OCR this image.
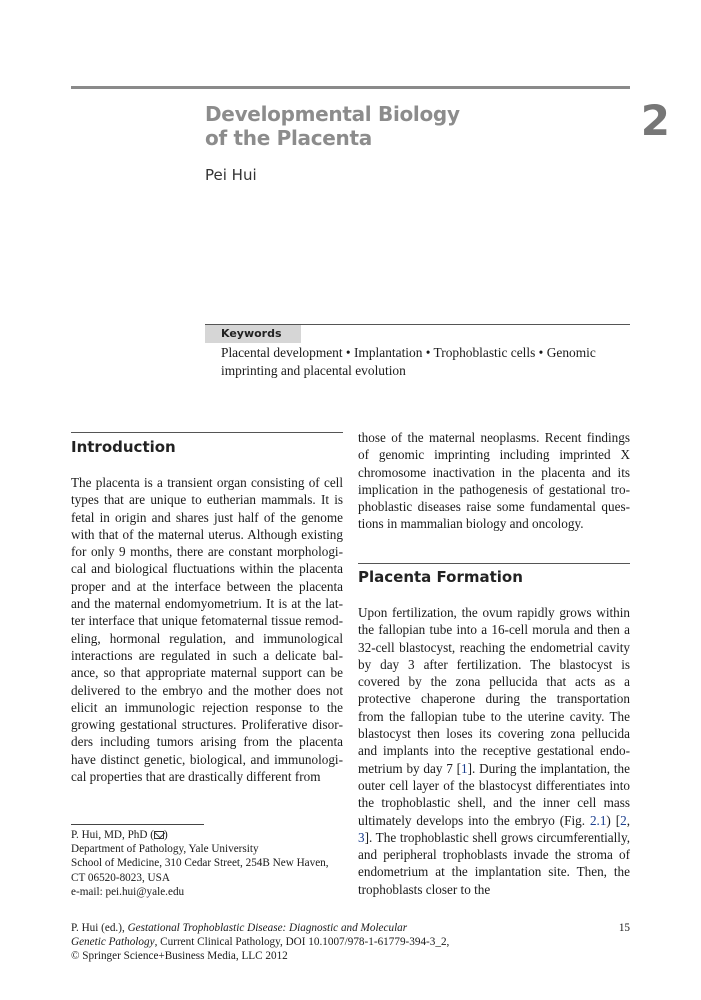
Developmental Biology
of the Placenta	2
Pei Hui
Keywords
Placental development • Implantation • Trophoblastic cells • Genomic imprinting and placental evolution
Introduction

The placenta is a transient organ consisting of cell types that are unique to eutherian mammals. It is fetal in origin and shares just half of the genome with that of the maternal uterus. Although existing for only 9 months, there are constant morphological and biological fluctuations within the placenta proper and at the interface between the placenta and the maternal endomyometrium. It is at the latter interface that unique fetomaternal tissue remodeling, hormonal regulation, and immunological interactions are regulated in such a delicate balance, so that appropriate maternal support can be delivered to the embryo and the mother does not elicit an immunologic rejection response to the growing gestational structures. Proliferative disorders including tumors arising from the placenta have distinct genetic, biological, and immunological properties that are drastically different from

those of the maternal neoplasms. Recent findings of genomic imprinting including imprinted X chromosome inactivation in the placenta and its implication in the pathogenesis of gestational trophoblastic diseases raise some fundamental questions in mammalian biology and oncology.

Placenta Formation

Upon fertilization, the ovum rapidly grows within the fallopian tube into a 16-cell morula and then a 32-cell blastocyst, reaching the endometrial cavity by day 3 after fertilization. The blastocyst is covered by the zona pellucida that acts as a protective chaperone during the transportation from the fallopian tube to the uterine cavity. The blastocyst then loses its covering zona pellucida and implants into the receptive gestational endometrium by day 7 [1]. During the implantation, the outer cell layer of the blastocyst differentiates into the trophoblastic shell, and the inner cell mass ultimately develops into the embryo (Fig. 2.1) [2, 3]. The trophoblastic shell grows circumferentially, and peripheral trophoblasts invade the stroma of endometrium at the implantation site. Then, the trophoblasts closer to the

P. Hui, MD, PhD ( )
Department of Pathology, Yale University
School of Medicine, 310 Cedar Street, 254B New Haven,
CT 06520-8023, USA
e-mail: pei.hui@yale.edu
P. Hui (ed.), Gestational Trophoblastic Disease: Diagnostic and Molecular
Genetic Pathology, Current Clinical Pathology, DOI 10.1007/978-1-61779-394-3_2,
© Springer Science+Business Media, LLC 2012
15
